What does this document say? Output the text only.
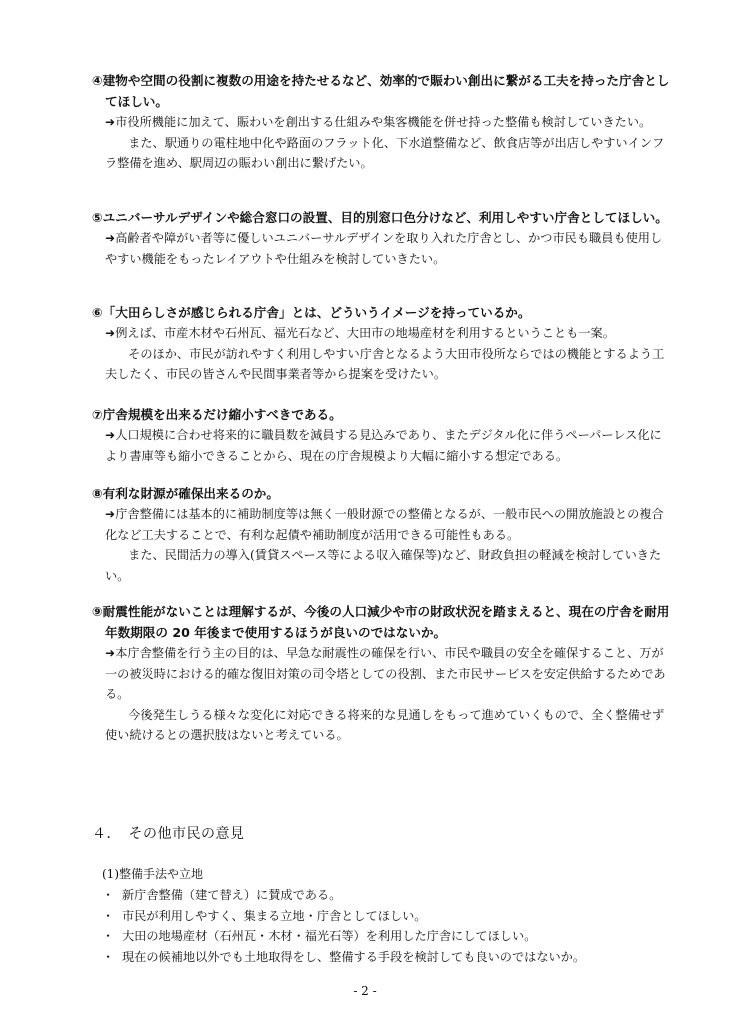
④建物や空間の役割に複数の用途を持たせるなど、効率的で賑わい創出に繋がる工夫を持った庁舎としてほしい。

➜市役所機能に加えて、賑わいを創出する仕組みや集客機能を併せ持った整備も検討していきたい。

また、駅通りの電柱地中化や路面のフラット化、下水道整備など、飲食店等が出店しやすいインフラ整備を進め、駅周辺の賑わい創出に繋げたい。

⑤ユニバーサルデザインや総合窓口の設置、目的別窓口色分けなど、利用しやすい庁舎としてほしい。

➜高齢者や障がい者等に優しいユニバーサルデザインを取り入れた庁舎とし、かつ市民も職員も使用しやすい機能をもったレイアウトや仕組みを検討していきたい。

⑥「大田らしさが感じられる庁舎」とは、どういうイメージを持っているか。

➜例えば、市産木材や石州瓦、福光石など、大田市の地場産材を利用するということも一案。

そのほか、市民が訪れやすく利用しやすい庁舎となるよう大田市役所ならではの機能とするよう工夫したく、市民の皆さんや民間事業者等から提案を受けたい。

⑦庁舎規模を出来るだけ縮小すべきである。

➜人口規模に合わせ将来的に職員数を減員する見込みであり、またデジタル化に伴うペーパーレス化により書庫等も縮小できることから、現在の庁舎規模より大幅に縮小する想定である。

⑧有利な財源が確保出来るのか。

➜庁舎整備には基本的に補助制度等は無く一般財源での整備となるが、一般市民への開放施設との複合化など工夫することで、有利な起債や補助制度が活用できる可能性もある。

また、民間活力の導入(賃貸スペース等による収入確保等)など、財政負担の軽減を検討していきたい。

⑨耐震性能がないことは理解するが、今後の人口減少や市の財政状況を踏まえると、現在の庁舎を耐用年数期限の 20 年後まで使用するほうが良いのではないか。

➜本庁舎整備を行う主の目的は、早急な耐震性の確保を行い、市民や職員の安全を確保すること、万が一の被災時における的確な復旧対策の司令塔としての役割、また市民サービスを安定供給するためである。

今後発生しうる様々な変化に対応できる将来的な見通しをもって進めていくもので、全く整備せず使い続けるとの選択肢はないと考えている。

４．　その他市民の意見
(1)整備手法や立地
・ 新庁舎整備（建て替え）に賛成である。
・ 市民が利用しやすく、集まる立地・庁舎としてほしい。
・ 大田の地場産材（石州瓦・木材・福光石等）を利用した庁舎にしてほしい。
・ 現在の候補地以外でも土地取得をし、整備する手段を検討しても良いのではないか。
- 2 -
